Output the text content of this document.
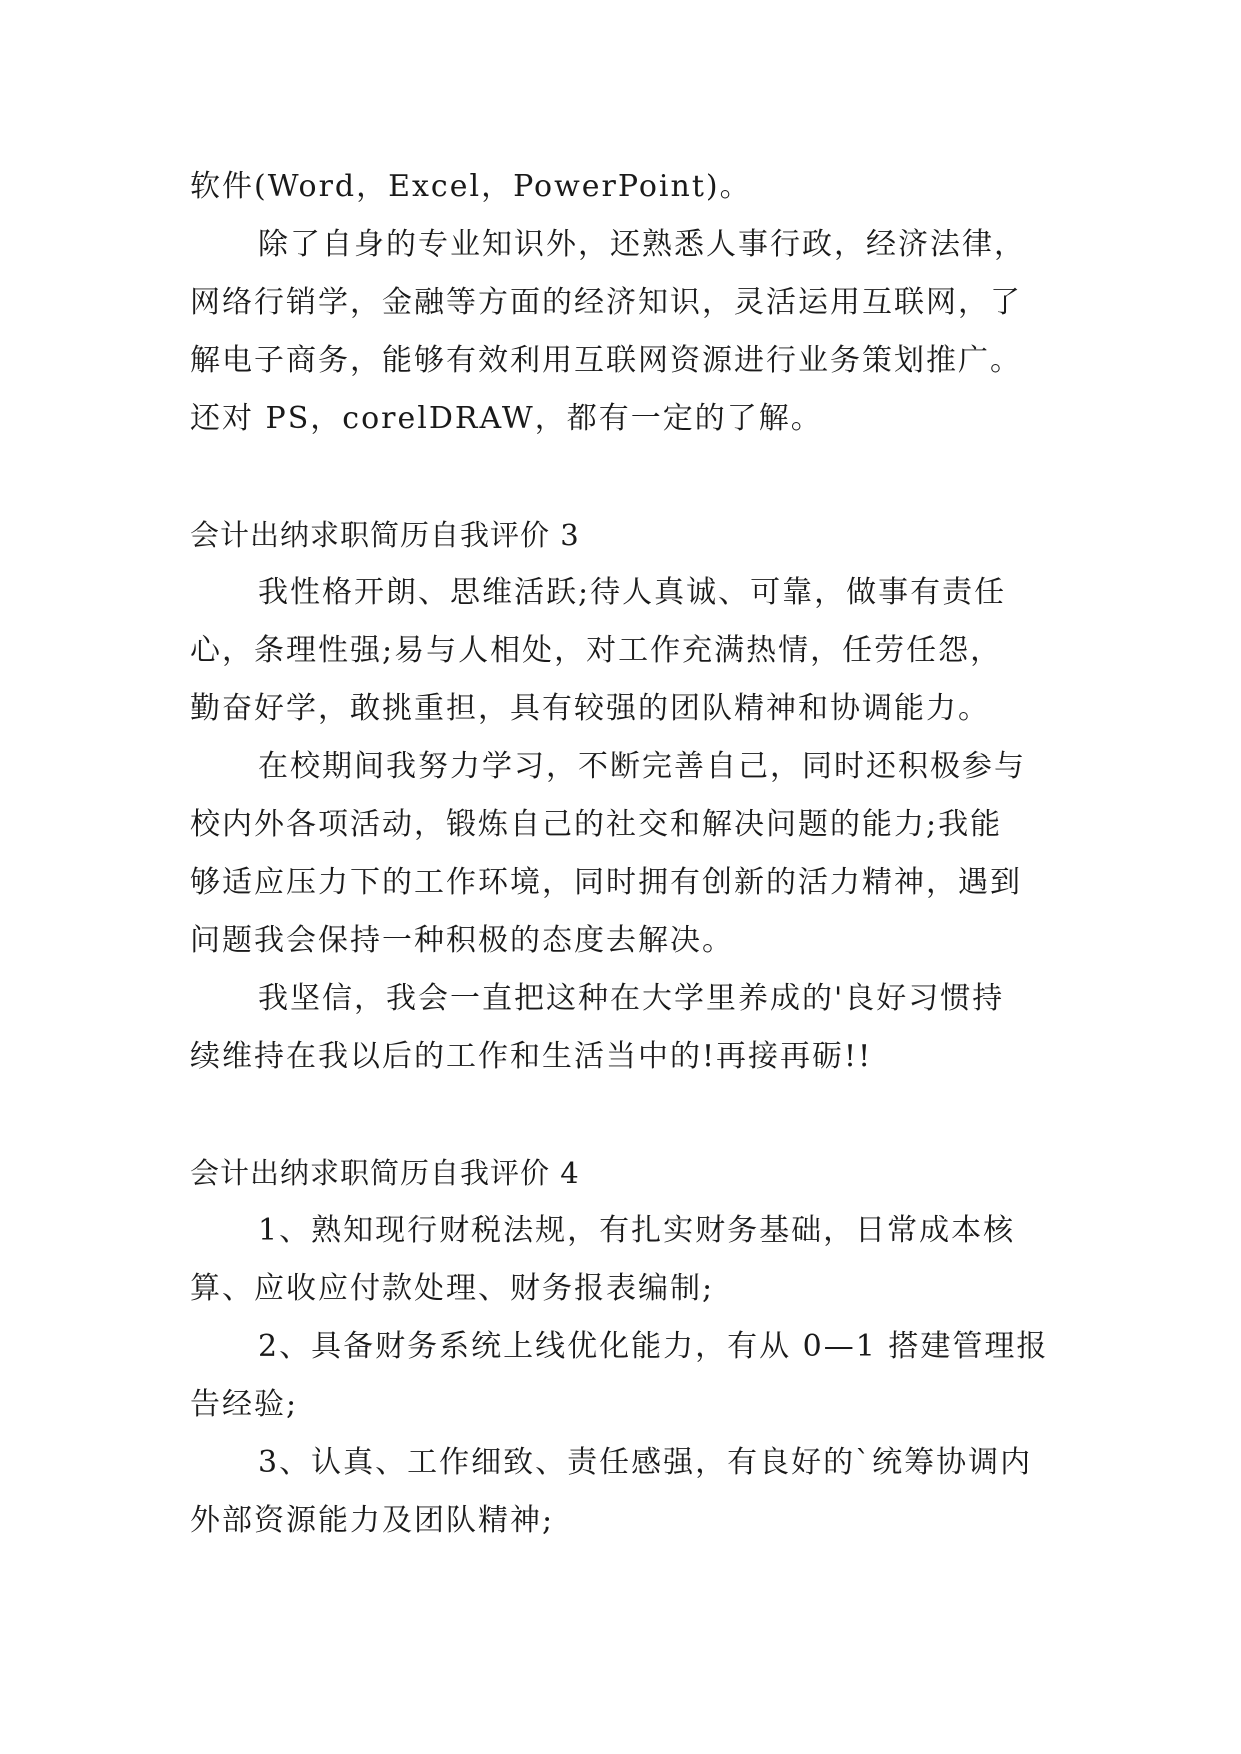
软件(Word，Excel，PowerPoint)。
除了自身的专业知识外，还熟悉人事行政，经济法律，
网络行销学，金融等方面的经济知识，灵活运用互联网，了
解电子商务，能够有效利用互联网资源进行业务策划推广。
还对 PS，corelDRAW，都有一定的了解。
会计出纳求职简历自我评价 3
我性格开朗、思维活跃;待人真诚、可靠，做事有责任
心，条理性强;易与人相处，对工作充满热情，任劳任怨，
勤奋好学，敢挑重担，具有较强的团队精神和协调能力。
在校期间我努力学习，不断完善自己，同时还积极参与
校内外各项活动，锻炼自己的社交和解决问题的能力;我能
够适应压力下的工作环境，同时拥有创新的活力精神，遇到
问题我会保持一种积极的态度去解决。
我坚信，我会一直把这种在大学里养成的'良好习惯持
续维持在我以后的工作和生活当中的!再接再砺!!
会计出纳求职简历自我评价 4
1、熟知现行财税法规，有扎实财务基础，日常成本核
算、应收应付款处理、财务报表编制;
2、具备财务系统上线优化能力，有从 0—1 搭建管理报
告经验;
3、认真、工作细致、责任感强，有良好的`统筹协调内
外部资源能力及团队精神;
